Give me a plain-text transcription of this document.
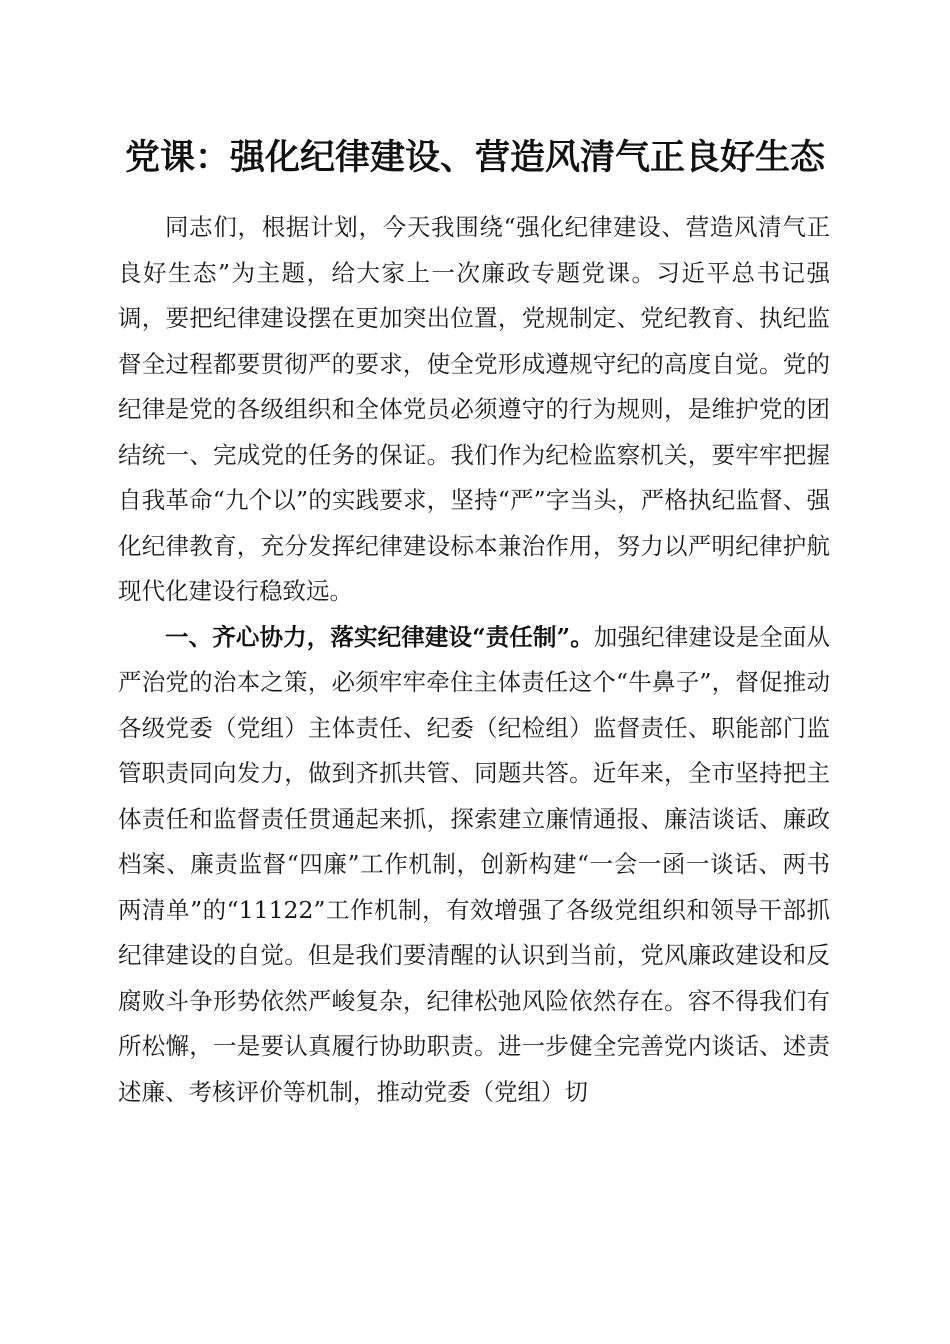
党课：强化纪律建设、营造风清气正良好生态

同志们，根据计划，今天我围绕“强化纪律建设、营造风清气正良好生态”为主题，给大家上一次廉政专题党课。习近平总书记强调，要把纪律建设摆在更加突出位置，党规制定、党纪教育、执纪监督全过程都要贯彻严的要求，使全党形成遵规守纪的高度自觉。党的纪律是党的各级组织和全体党员必须遵守的行为规则，是维护党的团结统一、完成党的任务的保证。我们作为纪检监察机关，要牢牢把握自我革命“九个以”的实践要求，坚持“严”字当头，严格执纪监督、强化纪律教育，充分发挥纪律建设标本兼治作用，努力以严明纪律护航现代化建设行稳致远。

一、齐心协力，落实纪律建设“责任制”。加强纪律建设是全面从严治党的治本之策，必须牢牢牵住主体责任这个“牛鼻子”，督促推动各级党委（党组）主体责任、纪委（纪检组）监督责任、职能部门监管职责同向发力，做到齐抓共管、同题共答。近年来，全市坚持把主体责任和监督责任贯通起来抓，探索建立廉情通报、廉洁谈话、廉政档案、廉责监督“四廉”工作机制，创新构建“一会一函一谈话、两书两清单”的“11122”工作机制，有效增强了各级党组织和领导干部抓纪律建设的自觉。但是我们要清醒的认识到当前，党风廉政建设和反腐败斗争形势依然严峻复杂，纪律松弛风险依然存在。容不得我们有所松懈，一是要认真履行协助职责。进一步健全完善党内谈话、述责述廉、考核评价等机制，推动党委（党组）切
